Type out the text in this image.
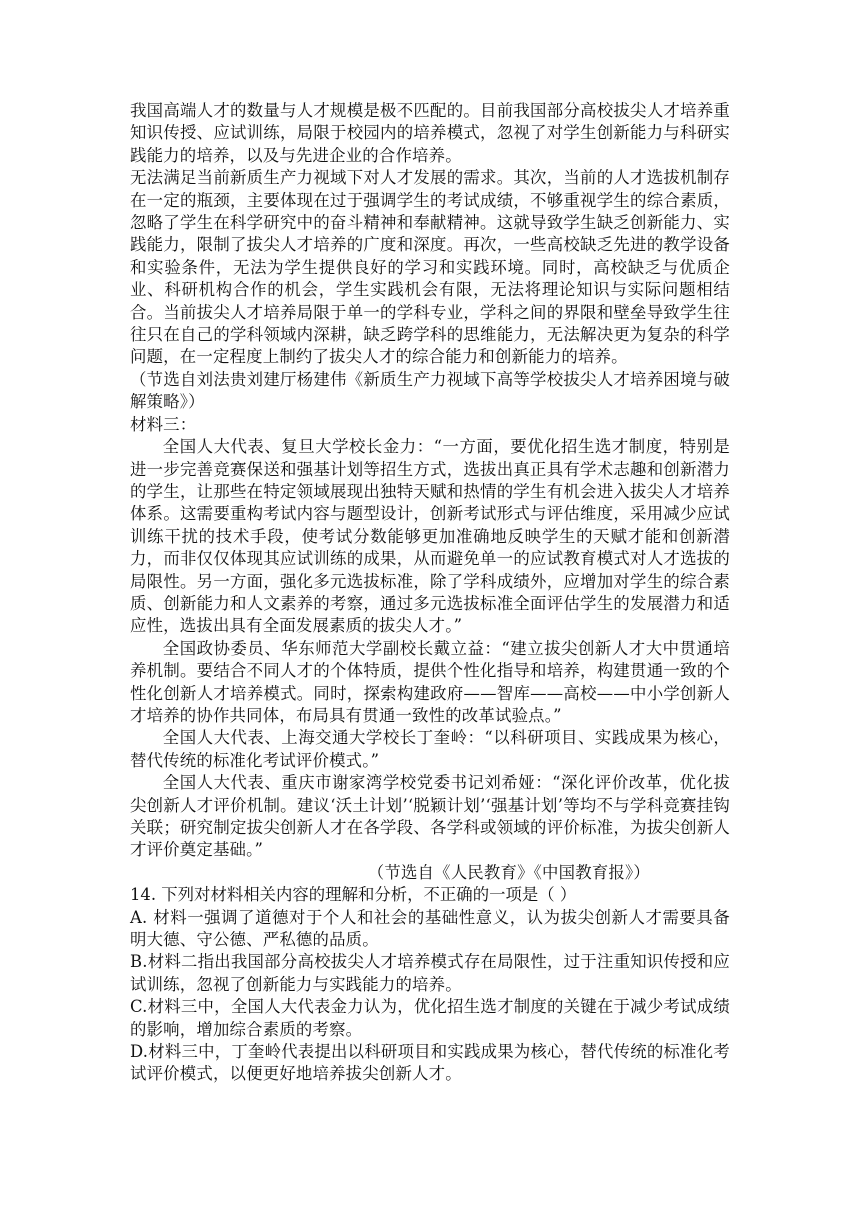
我国高端人才的数量与人才规模是极不匹配的。目前我国部分高校拔尖人才培养重知识传授、应试训练，局限于校园内的培养模式，忽视了对学生创新能力与科研实践能力的培养，以及与先进企业的合作培养。

无法满足当前新质生产力视域下对人才发展的需求。其次，当前的人才选拔机制存在一定的瓶颈，主要体现在过于强调学生的考试成绩，不够重视学生的综合素质，忽略了学生在科学研究中的奋斗精神和奉献精神。这就导致学生缺乏创新能力、实践能力，限制了拔尖人才培养的广度和深度。再次，一些高校缺乏先进的教学设备和实验条件，无法为学生提供良好的学习和实践环境。同时，高校缺乏与优质企业、科研机构合作的机会，学生实践机会有限，无法将理论知识与实际问题相结合。当前拔尖人才培养局限于单一的学科专业，学科之间的界限和壁垒导致学生往往只在自己的学科领域内深耕，缺乏跨学科的思维能力，无法解决更为复杂的科学问题，在一定程度上制约了拔尖人才的综合能力和创新能力的培养。

（节选自刘法贵刘建厅杨建伟《新质生产力视域下高等学校拔尖人才培养困境与破解策略》）

材料三：

全国人大代表、复旦大学校长金力：“一方面，要优化招生选才制度，特别是进一步完善竞赛保送和强基计划等招生方式，选拔出真正具有学术志趣和创新潜力的学生，让那些在特定领域展现出独特天赋和热情的学生有机会进入拔尖人才培养体系。这需要重构考试内容与题型设计，创新考试形式与评估维度，采用减少应试训练干扰的技术手段，使考试分数能够更加准确地反映学生的天赋才能和创新潜力，而非仅仅体现其应试训练的成果，从而避免单一的应试教育模式对人才选拔的局限性。另一方面，强化多元选拔标准，除了学科成绩外，应增加对学生的综合素质、创新能力和人文素养的考察，通过多元选拔标准全面评估学生的发展潜力和适应性，选拔出具有全面发展素质的拔尖人才。”

全国政协委员、华东师范大学副校长戴立益：“建立拔尖创新人才大中贯通培养机制。要结合不同人才的个体特质，提供个性化指导和培养，构建贯通一致的个性化创新人才培养模式。同时，探索构建政府——智库——高校——中小学创新人才培养的协作共同体，布局具有贯通一致性的改革试验点。”

全国人大代表、上海交通大学校长丁奎岭：“以科研项目、实践成果为核心，替代传统的标准化考试评价模式。”

全国人大代表、重庆市谢家湾学校党委书记刘希娅：“深化评价改革，优化拔尖创新人才评价机制。建议‘沃土计划’‘脱颖计划’‘强基计划’等均不与学科竞赛挂钩关联；研究制定拔尖创新人才在各学段、各学科或领域的评价标准，为拔尖创新人才评价奠定基础。”

（节选自《人民教育》《中国教育报》）

14. 下列对材料相关内容的理解和分析，不正确的一项是（ ）

A. 材料一强调了道德对于个人和社会的基础性意义，认为拔尖创新人才需要具备明大德、守公德、严私德的品质。

B.材料二指出我国部分高校拔尖人才培养模式存在局限性，过于注重知识传授和应试训练，忽视了创新能力与实践能力的培养。

C.材料三中，全国人大代表金力认为，优化招生选才制度的关键在于减少考试成绩的影响，增加综合素质的考察。

D.材料三中，丁奎岭代表提出以科研项目和实践成果为核心，替代传统的标准化考试评价模式，以便更好地培养拔尖创新人才。
